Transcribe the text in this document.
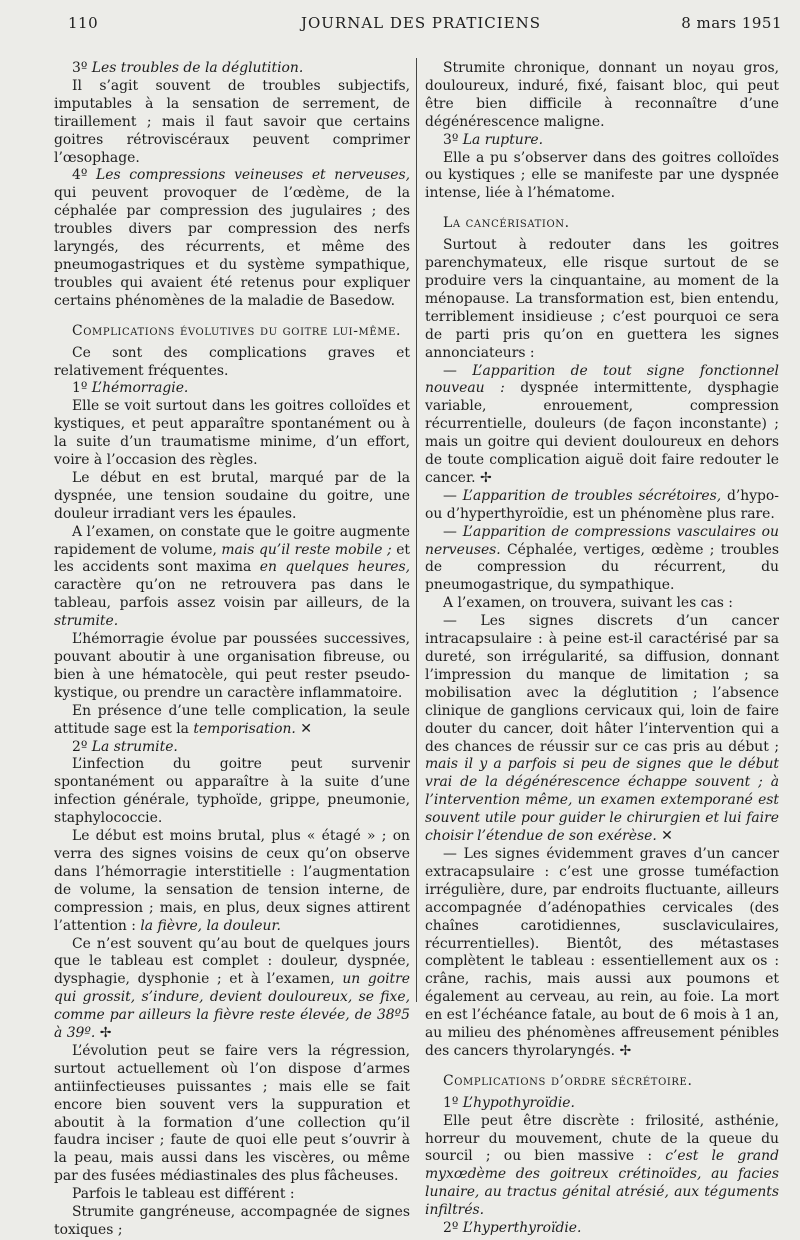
110	JOURNAL DES PRATICIENS	8 mars 1951

3º Les troubles de la déglutition.

Il s’agit souvent de troubles subjectifs, imputables à la sensation de serrement, de tiraillement ; mais il faut savoir que certains goitres rétroviscéraux peuvent comprimer l’œsophage.

4º Les compressions veineuses et nerveuses, qui peuvent provoquer de l’œdème, de la céphalée par compression des jugulaires ; des troubles divers par compression des nerfs laryngés, des récurrents, et même des pneumogastriques et du système sympathique, troubles qui avaient été retenus pour expliquer certains phénomènes de la maladie de Basedow.

Complications évolutives du goitre lui-même.

Ce sont des complications graves et relativement fréquentes.

1º L’hémorragie.

Elle se voit surtout dans les goitres colloïdes et kystiques, et peut apparaître spontanément ou à la suite d’un traumatisme minime, d’un effort, voire à l’occasion des règles.

Le début en est brutal, marqué par de la dyspnée, une tension soudaine du goitre, une douleur irradiant vers les épaules.

A l’examen, on constate que le goitre augmente rapidement de volume, mais qu’il reste mobile ; et les accidents sont maxima en quelques heures, caractère qu’on ne retrouvera pas dans le tableau, parfois assez voisin par ailleurs, de la strumite.

L’hémorragie évolue par poussées successives, pouvant aboutir à une organisation fibreuse, ou bien à une hématocèle, qui peut rester pseudo-kystique, ou prendre un caractère inflammatoire.

En présence d’une telle complication, la seule attitude sage est la temporisation. ✕

2º La strumite.

L’infection du goitre peut survenir spontanément ou apparaître à la suite d’une infection générale, typhoïde, grippe, pneumonie, staphylococcie.

Le début est moins brutal, plus « étagé » ; on verra des signes voisins de ceux qu’on observe dans l’hémorragie interstitielle : l’augmentation de volume, la sensation de tension interne, de compression ; mais, en plus, deux signes attirent l’attention : la fièvre, la douleur.

Ce n’est souvent qu’au bout de quelques jours que le tableau est complet : douleur, dyspnée, dysphagie, dysphonie ; et à l’examen, un goitre qui grossit, s’indure, devient douloureux, se fixe, comme par ailleurs la fièvre reste élevée, de 38º5 à 39º. ✢

L’évolution peut se faire vers la régression, surtout actuellement où l’on dispose d’armes antiinfectieuses puissantes ; mais elle se fait encore bien souvent vers la suppuration et aboutit à la formation d’une collection qu’il faudra inciser ; faute de quoi elle peut s’ouvrir à la peau, mais aussi dans les viscères, ou même par des fusées médiastinales des plus fâcheuses.

Parfois le tableau est différent :

Strumite gangréneuse, accompagnée de signes toxiques ;

Strumite chronique, donnant un noyau gros, douloureux, induré, fixé, faisant bloc, qui peut être bien difficile à reconnaître d’une dégénérescence maligne.

3º La rupture.

Elle a pu s’observer dans des goitres colloïdes ou kystiques ; elle se manifeste par une dyspnée intense, liée à l’hématome.

La cancérisation.

Surtout à redouter dans les goitres parenchymateux, elle risque surtout de se produire vers la cinquantaine, au moment de la ménopause. La transformation est, bien entendu, terriblement insidieuse ; c’est pourquoi ce sera de parti pris qu’on en guettera les signes annonciateurs :

— L’apparition de tout signe fonctionnel nouveau : dyspnée intermittente, dysphagie variable, enrouement, compression récurrentielle, douleurs (de façon inconstante) ; mais un goitre qui devient douloureux en dehors de toute complication aiguë doit faire redouter le cancer. ✢

— L’apparition de troubles sécrétoires, d’hypo- ou d’hyperthyroïdie, est un phénomène plus rare.

— L’apparition de compressions vasculaires ou nerveuses. Céphalée, vertiges, œdème ; troubles de compression du récurrent, du pneumogastrique, du sympathique.

A l’examen, on trouvera, suivant les cas :

— Les signes discrets d’un cancer intracapsulaire : à peine est-il caractérisé par sa dureté, son irrégularité, sa diffusion, donnant l’impression du manque de limitation ; sa mobilisation avec la déglutition ; l’absence clinique de ganglions cervicaux qui, loin de faire douter du cancer, doit hâter l’intervention qui a des chances de réussir sur ce cas pris au début ; mais il y a parfois si peu de signes que le début vrai de la dégénérescence échappe souvent ; à l’intervention même, un examen extemporané est souvent utile pour guider le chirurgien et lui faire choisir l’étendue de son exérèse. ✕

— Les signes évidemment graves d’un cancer extracapsulaire : c’est une grosse tuméfaction irrégulière, dure, par endroits fluctuante, ailleurs accompagnée d’adénopathies cervicales (des chaînes carotidiennes, susclaviculaires, récurrentielles). Bientôt, des métastases complètent le tableau : essentiellement aux os : crâne, rachis, mais aussi aux poumons et également au cerveau, au rein, au foie. La mort en est l’échéance fatale, au bout de 6 mois à 1 an, au milieu des phénomènes affreusement pénibles des cancers thyrolaryngés. ✢

Complications d’ordre sécrétoire.

1º L’hypothyroïdie.

Elle peut être discrète : frilosité, asthénie, horreur du mouvement, chute de la queue du sourcil ; ou bien massive : c’est le grand myxœdème des goitreux crétinoïdes, au facies lunaire, au tractus génital atrésié, aux téguments infiltrés.

2º L’hyperthyroïdie.
